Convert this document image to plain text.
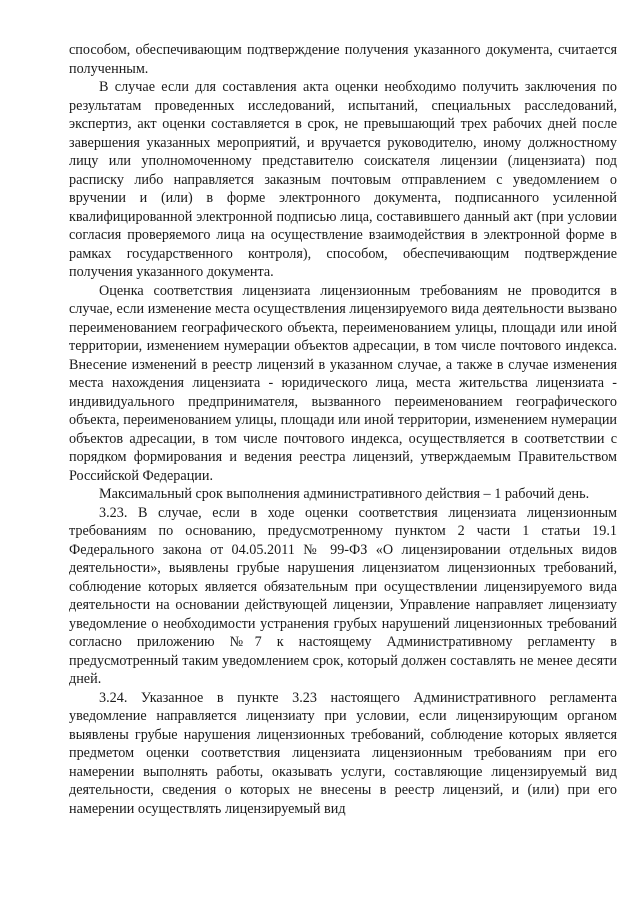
способом, обеспечивающим подтверждение получения указанного документа, считается полученным.

В случае если для составления акта оценки необходимо получить заключения по результатам проведенных исследований, испытаний, специальных расследований, экспертиз, акт оценки составляется в срок, не превышающий трех рабочих дней после завершения указанных мероприятий, и вручается руководителю, иному должностному лицу или уполномоченному представителю соискателя лицензии (лицензиата) под расписку либо направляется заказным почтовым отправлением с уведомлением о вручении и (или) в форме электронного документа, подписанного усиленной квалифицированной электронной подписью лица, составившего данный акт (при условии согласия проверяемого лица на осуществление взаимодействия в электронной форме в рамках государственного контроля), способом, обеспечивающим подтверждение получения указанного документа.

Оценка соответствия лицензиата лицензионным требованиям не проводится в случае, если изменение места осуществления лицензируемого вида деятельности вызвано переименованием географического объекта, переименованием улицы, площади или иной территории, изменением нумерации объектов адресации, в том числе почтового индекса. Внесение изменений в реестр лицензий в указанном случае, а также в случае изменения места нахождения лицензиата - юридического лица, места жительства лицензиата - индивидуального предпринимателя, вызванного переименованием географического объекта, переименованием улицы, площади или иной территории, изменением нумерации объектов адресации, в том числе почтового индекса, осуществляется в соответствии с порядком формирования и ведения реестра лицензий, утверждаемым Правительством Российской Федерации.

Максимальный срок выполнения административного действия – 1 рабочий день.

3.23. В случае, если в ходе оценки соответствия лицензиата лицензионным требованиям по основанию, предусмотренному пунктом 2 части 1 статьи 19.1 Федерального закона от 04.05.2011 № 99-ФЗ «О лицензировании отдельных видов деятельности», выявлены грубые нарушения лицензиатом лицензионных требований, соблюдение которых является обязательным при осуществлении лицензируемого вида деятельности на основании действующей лицензии, Управление направляет лицензиату уведомление о необходимости устранения грубых нарушений лицензионных требований согласно приложению №7 к настоящему Административному регламенту в предусмотренный таким уведомлением срок, который должен составлять не менее десяти дней.

3.24. Указанное в пункте 3.23 настоящего Административного регламента уведомление направляется лицензиату при условии, если лицензирующим органом выявлены грубые нарушения лицензионных требований, соблюдение которых является предметом оценки соответствия лицензиата лицензионным требованиям при его намерении выполнять работы, оказывать услуги, составляющие лицензируемый вид деятельности, сведения о которых не внесены в реестр лицензий, и (или) при его намерении осуществлять лицензируемый вид
